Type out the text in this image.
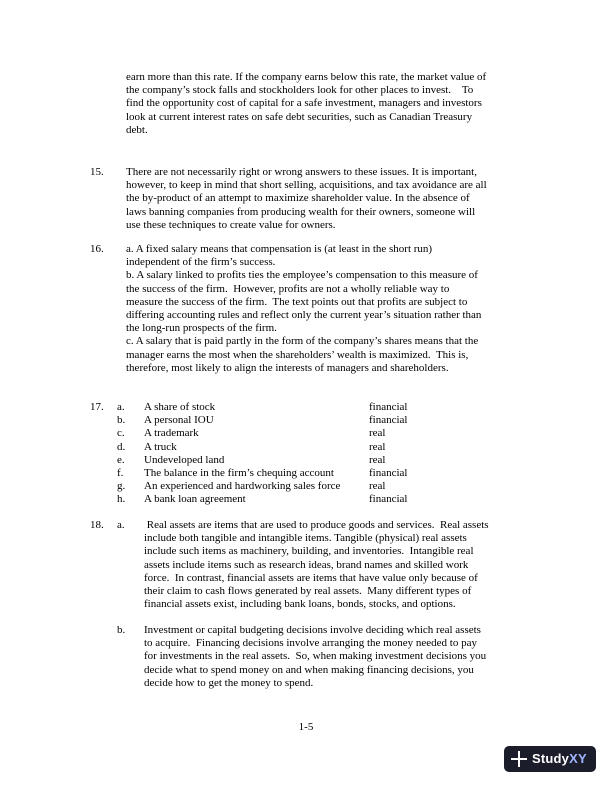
earn more than this rate. If the company earns below this rate, the market value of

the company’s stock falls and stockholders look for other places to invest.    To

find the opportunity cost of capital for a safe investment, managers and investors

look at current interest rates on safe debt securities, such as Canadian Treasury

debt.

15. There are not necessarily right or wrong answers to these issues. It is important,

however, to keep in mind that short selling, acquisitions, and tax avoidance are all

the by-product of an attempt to maximize shareholder value. In the absence of

laws banning companies from producing wealth for their owners, someone will

use these techniques to create value for owners.

16. a. A fixed salary means that compensation is (at least in the short run)

independent of the firm’s success.

b. A salary linked to profits ties the employee’s compensation to this measure of

the success of the firm.  However, profits are not a wholly reliable way to

measure the success of the firm.  The text points out that profits are subject to

differing accounting rules and reflect only the current year’s situation rather than

the long-run prospects of the firm.

c. A salary that is paid partly in the form of the company’s shares means that the

manager earns the most when the shareholders’ wealth is maximized.  This is,

therefore, most likely to align the interests of managers and shareholders.

17. a. A share of stock	financial
b. A personal IOU	financial
c. A trademark	real
d. A truck	real
e. Undeveloped land	real
f. The balance in the firm’s chequing account	financial
g. An experienced and hardworking sales force	real
h. A bank loan agreement	financial
18. a. Real assets are items that are used to produce goods and services.  Real assets

include both tangible and intangible items. Tangible (physical) real assets

include such items as machinery, building, and inventories.  Intangible real

assets include items such as research ideas, brand names and skilled work

force.  In contrast, financial assets are items that have value only because of

their claim to cash flows generated by real assets.  Many different types of

financial assets exist, including bank loans, bonds, stocks, and options.

b. Investment or capital budgeting decisions involve deciding which real assets

to acquire.  Financing decisions involve arranging the money needed to pay

for investments in the real assets.  So, when making investment decisions you

decide what to spend money on and when making financing decisions, you

decide how to get the money to spend.

1-5
StudyXY
